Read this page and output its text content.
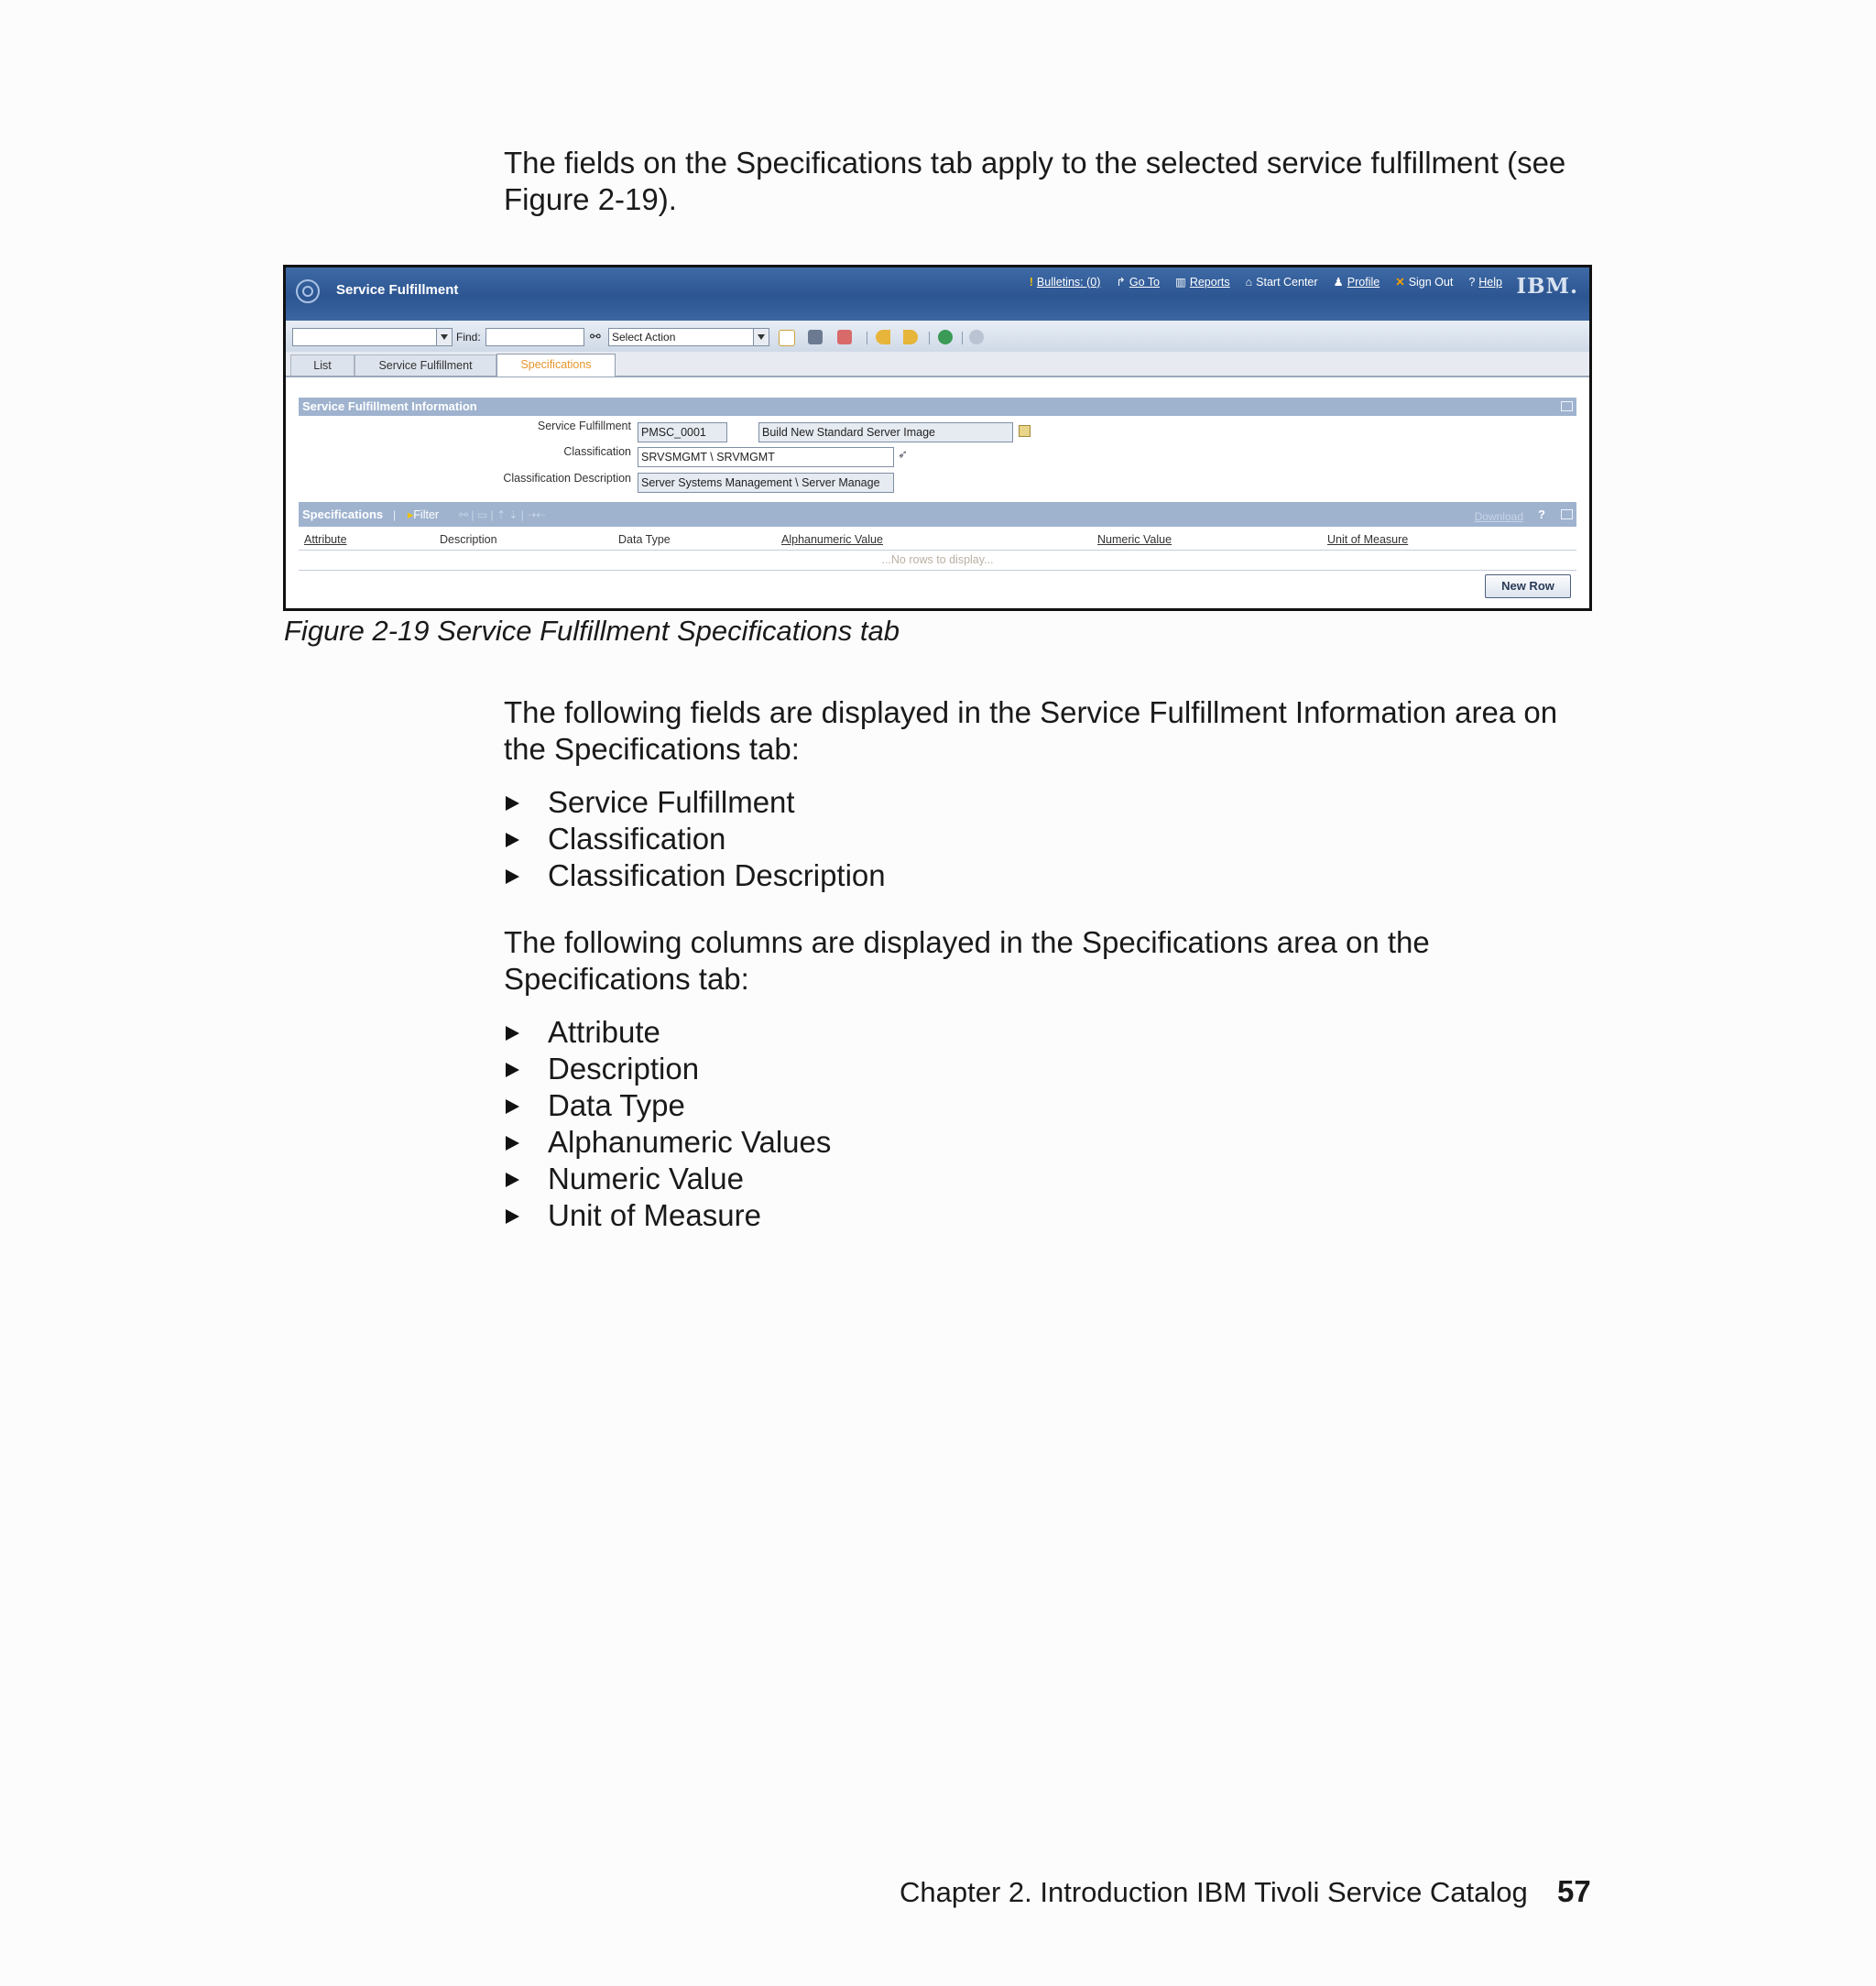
The fields on the Specifications tab apply to the selected service fulfillment (see Figure 2-19).

Service Fulfillment
! Bulletins: (0) ↱ Go To ▥ Reports ⌂ Start Center ♟ Profile ✕ Sign Out ? Help IBM.
Find:	⚯	Select Action
List	Service Fulfillment	Specifications
Service Fulfillment Information
Service Fulfillment PMSC_0001	Build New Standard Server Image
Classification SRVSMGMT \ SRVMGMT	➶
Classification Description Server Systems Management \ Server Manage
Specifications | ▸Filter ⚯ | ▭ | ⇡ ⇣ | ⇢⇠	Download ?
Attribute	Description	Data Type	Alphanumeric Value	Numeric Value	Unit of Measure
...No rows to display...
New Row
Figure 2-19 Service Fulfillment Specifications tab

The following fields are displayed in the Service Fulfillment Information area on the Specifications tab:

Service Fulfillment
Classification
Classification Description

The following columns are displayed in the Specifications area on the Specifications tab:

Attribute
Description
Data Type
Alphanumeric Values
Numeric Value
Unit of Measure
Chapter 2. Introduction IBM Tivoli Service Catalog 57
